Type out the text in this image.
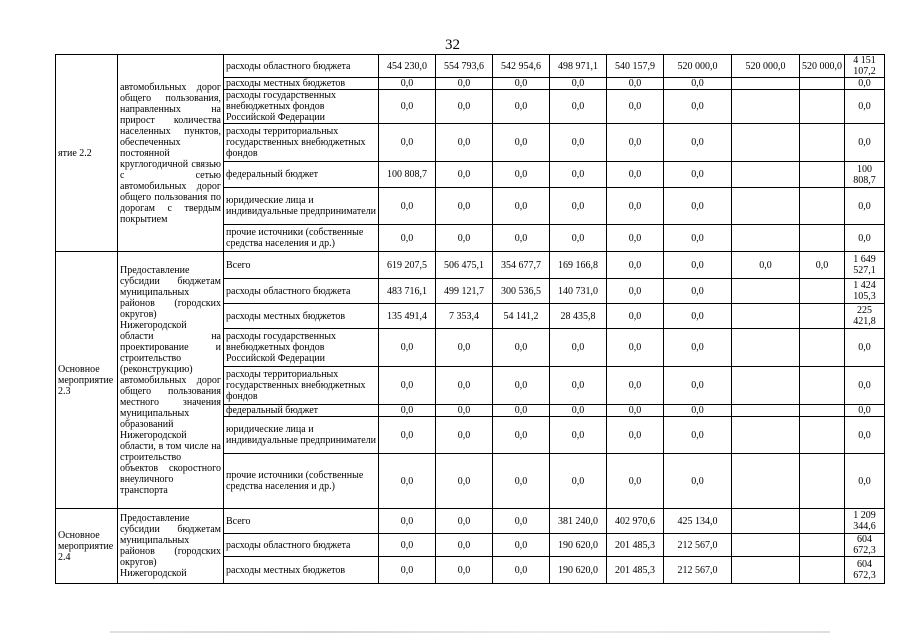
32
ятие 2.2	автомобильных дорог общего пользования, направленных на прирост количества населенных пунктов, обеспеченных постоянной круглогодичной связью с сетью автомобильных дорог общего пользования по дорогам с твердым покрытием	расходы областного бюджета	454 230,0	554 793,6	542 954,6	498 971,1	540 157,9	520 000,0	520 000,0	520 000,0	4 151 107,2
		расходы местных бюджетов	0,0	0,0	0,0	0,0	0,0	0,0			0,0
		расходы государственных внебюджетных фондов Российской Федерации	0,0	0,0	0,0	0,0	0,0	0,0			0,0
		расходы территориальных государственных внебюджетных фондов	0,0	0,0	0,0	0,0	0,0	0,0			0,0
		федеральный бюджет	100 808,7	0,0	0,0	0,0	0,0	0,0			100 808,7
		юридические лица и индивидуальные предприниматели	0,0	0,0	0,0	0,0	0,0	0,0			0,0
		прочие источники (собственные средства населения и др.)	0,0	0,0	0,0	0,0	0,0	0,0			0,0
Основное мероприятие 2.3	Предоставление субсидии бюджетам муниципальных районов (городских округов) Нижегородской области на проектирование и строительство (реконструкцию) автомобильных дорог общего пользования местного значения муниципальных образований Нижегородской области, в том числе на строительство объектов скоростного внеуличного транспорта	Всего	619 207,5	506 475,1	354 677,7	169 166,8	0,0	0,0	0,0	0,0	1 649 527,1
		расходы областного бюджета	483 716,1	499 121,7	300 536,5	140 731,0	0,0	0,0			1 424 105,3
		расходы местных бюджетов	135 491,4	7 353,4	54 141,2	28 435,8	0,0	0,0			225 421,8
		расходы государственных внебюджетных фондов Российской Федерации	0,0	0,0	0,0	0,0	0,0	0,0			0,0
		расходы территориальных государственных внебюджетных фондов	0,0	0,0	0,0	0,0	0,0	0,0			0,0
		федеральный бюджет	0,0	0,0	0,0	0,0	0,0	0,0			0,0
		юридические лица и индивидуальные предприниматели	0,0	0,0	0,0	0,0	0,0	0,0			0,0
		прочие источники (собственные средства населения и др.)	0,0	0,0	0,0	0,0	0,0	0,0			0,0
Основное мероприятие 2.4	Предоставление субсидии бюджетам муниципальных районов (городских округов) Нижегородской	Всего	0,0	0,0	0,0	381 240,0	402 970,6	425 134,0			1 209 344,6
		расходы областного бюджета	0,0	0,0	0,0	190 620,0	201 485,3	212 567,0			604 672,3
		расходы местных бюджетов	0,0	0,0	0,0	190 620,0	201 485,3	212 567,0			604 672,3
